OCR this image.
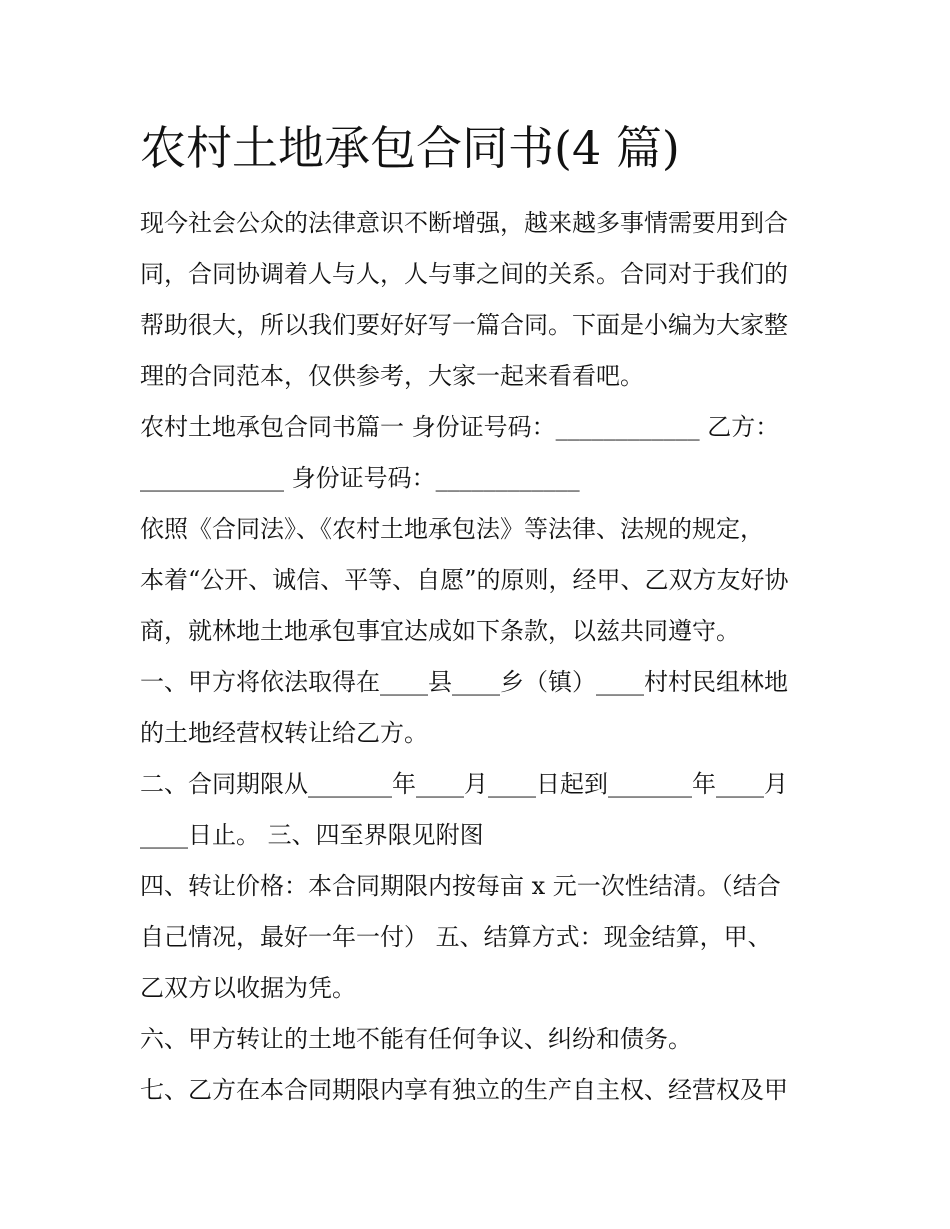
农村土地承包合同书(4 篇)

现今社会公众的法律意识不断增强，越来越多事情需要用到合

同，合同协调着人与人，人与事之间的关系。合同对于我们的

帮助很大，所以我们要好好写一篇合同。下面是小编为大家整

理的合同范本，仅供参考，大家一起来看看吧。

农村土地承包合同书篇一 身份证号码：____________ 乙方：

____________ 身份证号码：____________

依照《合同法》、《农村土地承包法》等法律、法规的规定，

本着“公开、诚信、平等、自愿”的原则，经甲、乙双方友好协

商，就林地土地承包事宜达成如下条款，以兹共同遵守。

一、甲方将依法取得在____县____乡（镇）____村村民组林地

的土地经营权转让给乙方。

二、合同期限从_______年____月____日起到_______年____月

____日止。 三、四至界限见附图

四、转让价格：本合同期限内按每亩 x 元一次性结清。（结合

自己情况，最好一年一付） 五、结算方式：现金结算，甲、

乙双方以收据为凭。

六、甲方转让的土地不能有任何争议、纠纷和债务。

七、乙方在本合同期限内享有独立的生产自主权、经营权及甲
